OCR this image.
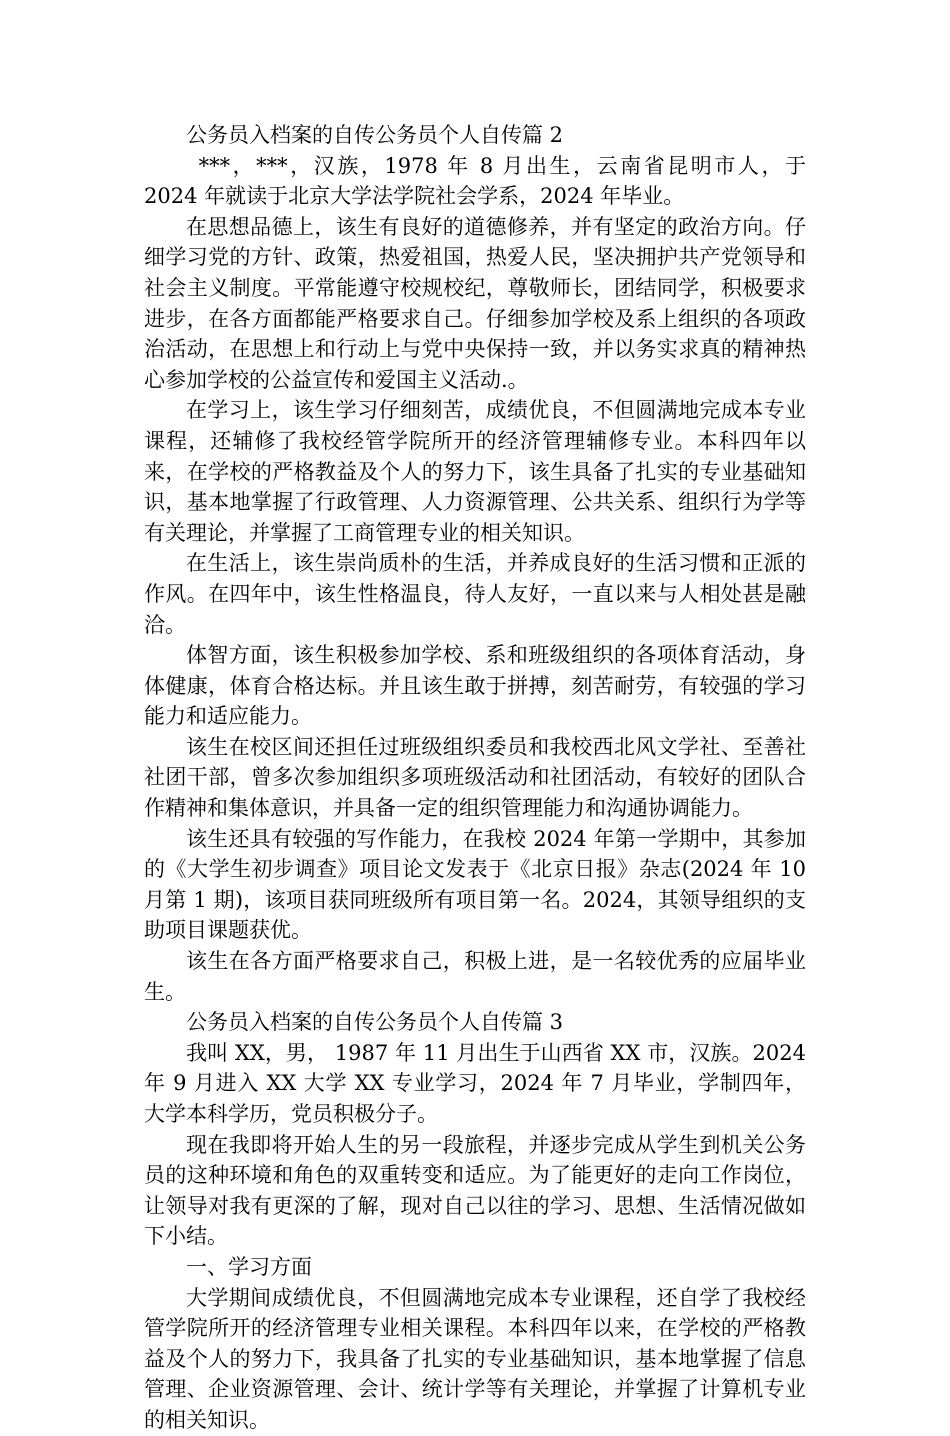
公务员入档案的自传公务员个人自传篇 2

***，***，汉族，1978 年 8 月出生，云南省昆明市人，于 2024 年就读于北京大学法学院社会学系，2024 年毕业。

在思想品德上，该生有良好的道德修养，并有坚定的政治方向。仔细学习党的方针、政策，热爱祖国，热爱人民，坚决拥护共产党领导和社会主义制度。平常能遵守校规校纪，尊敬师长，团结同学，积极要求进步，在各方面都能严格要求自己。仔细参加学校及系上组织的各项政治活动，在思想上和行动上与党中央保持一致，并以务实求真的精神热心参加学校的公益宣传和爱国主义活动.。

在学习上，该生学习仔细刻苦，成绩优良，不但圆满地完成本专业课程，还辅修了我校经管学院所开的经济管理辅修专业。本科四年以来，在学校的严格教益及个人的努力下，该生具备了扎实的专业基础知识，基本地掌握了行政管理、人力资源管理、公共关系、组织行为学等有关理论，并掌握了工商管理专业的相关知识。

在生活上，该生崇尚质朴的生活，并养成良好的生活习惯和正派的作风。在四年中，该生性格温良，待人友好，一直以来与人相处甚是融洽。

体智方面，该生积极参加学校、系和班级组织的各项体育活动，身体健康，体育合格达标。并且该生敢于拼搏，刻苦耐劳，有较强的学习能力和适应能力。

该生在校区间还担任过班级组织委员和我校西北风文学社、至善社社团干部，曾多次参加组织多项班级活动和社团活动，有较好的团队合作精神和集体意识，并具备一定的组织管理能力和沟通协调能力。

该生还具有较强的写作能力，在我校 2024 年第一学期中，其参加的《大学生初步调查》项目论文发表于《北京日报》杂志(2024 年 10 月第 1 期)，该项目获同班级所有项目第一名。2024，其领导组织的支助项目课题获优。

该生在各方面严格要求自己，积极上进，是一名较优秀的应届毕业生。

公务员入档案的自传公务员个人自传篇 3

我叫 XX，男， 1987 年 11 月出生于山西省 XX 市，汉族。2024 年 9 月进入 XX 大学 XX 专业学习，2024 年 7 月毕业，学制四年，大学本科学历，党员积极分子。

现在我即将开始人生的另一段旅程，并逐步完成从学生到机关公务员的这种环境和角色的双重转变和适应。为了能更好的走向工作岗位，让领导对我有更深的了解，现对自己以往的学习、思想、生活情况做如下小结。

一、学习方面

大学期间成绩优良，不但圆满地完成本专业课程，还自学了我校经管学院所开的经济管理专业相关课程。本科四年以来，在学校的严格教益及个人的努力下，我具备了扎实的专业基础知识，基本地掌握了信息管理、企业资源管理、会计、统计学等有关理论，并掌握了计算机专业的相关知识。
